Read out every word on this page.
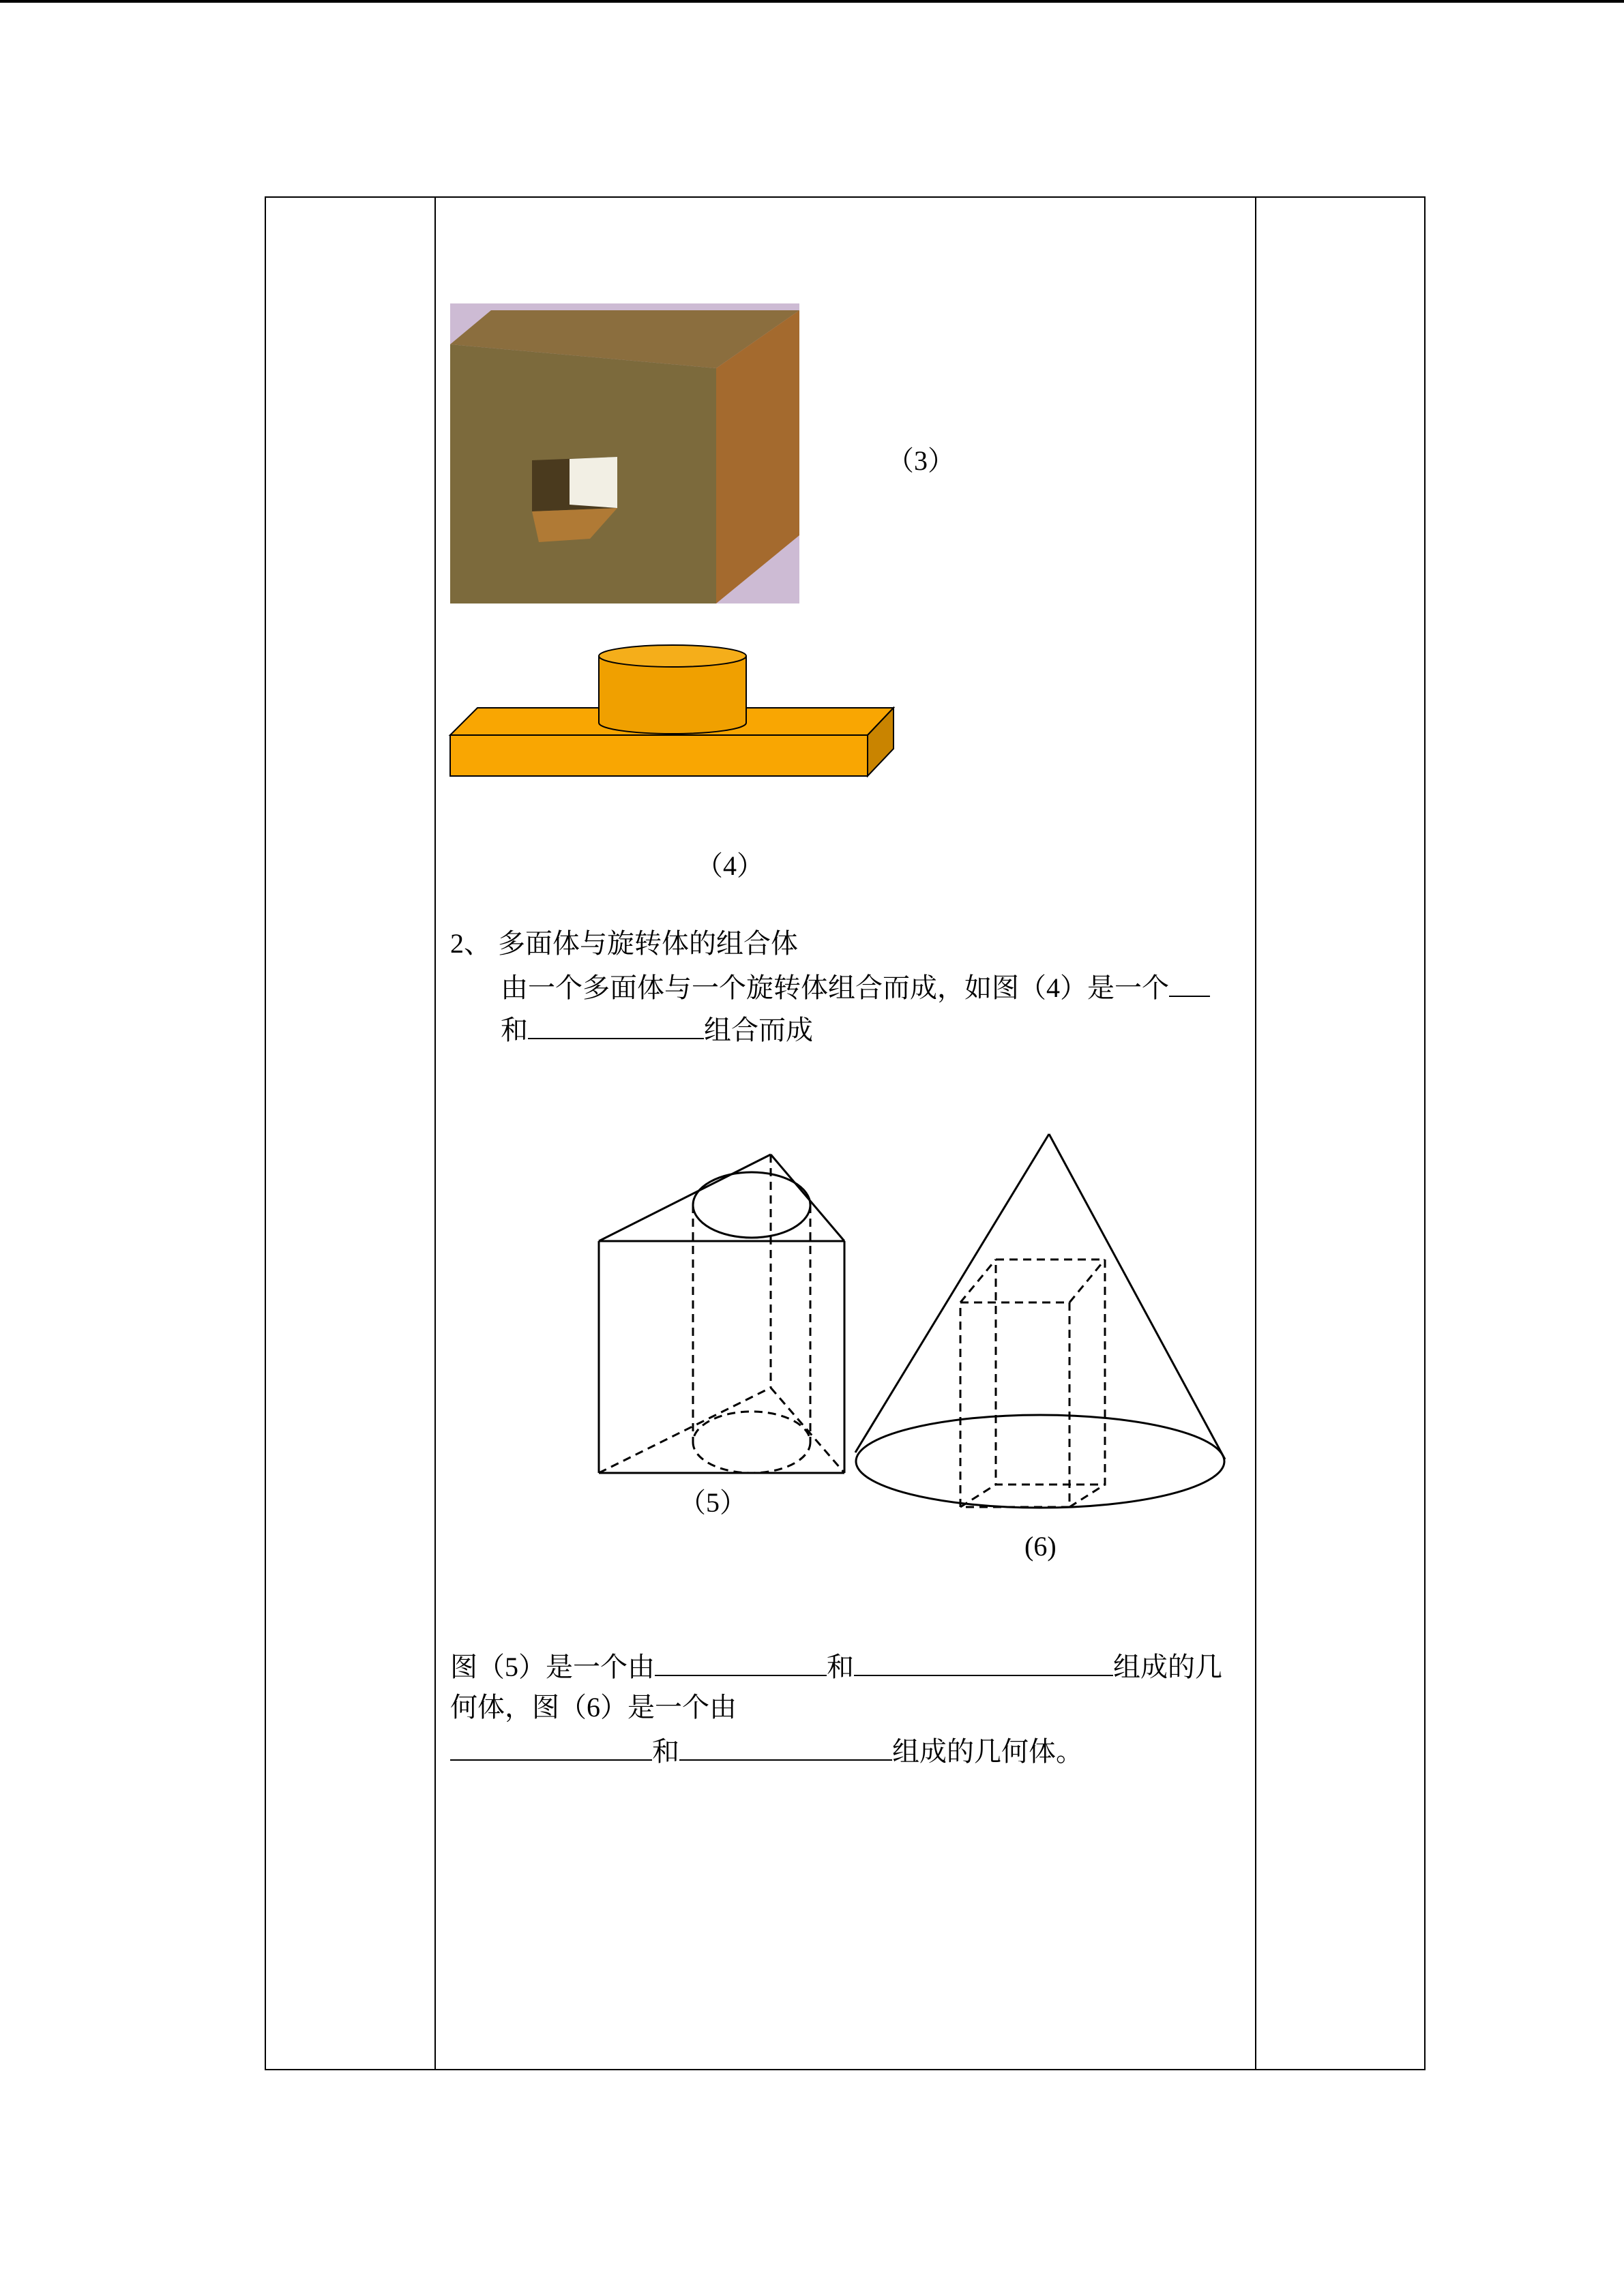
（3）
（4）
2、 多面体与旋转体的组合体
由一个多面体与一个旋转体组合而成，如图（4）是一个
和	组合而成
（5）
(6)
图（5）是一个由	和	组成的几
何体，图（6）是一个由
和	组成的几何体。
